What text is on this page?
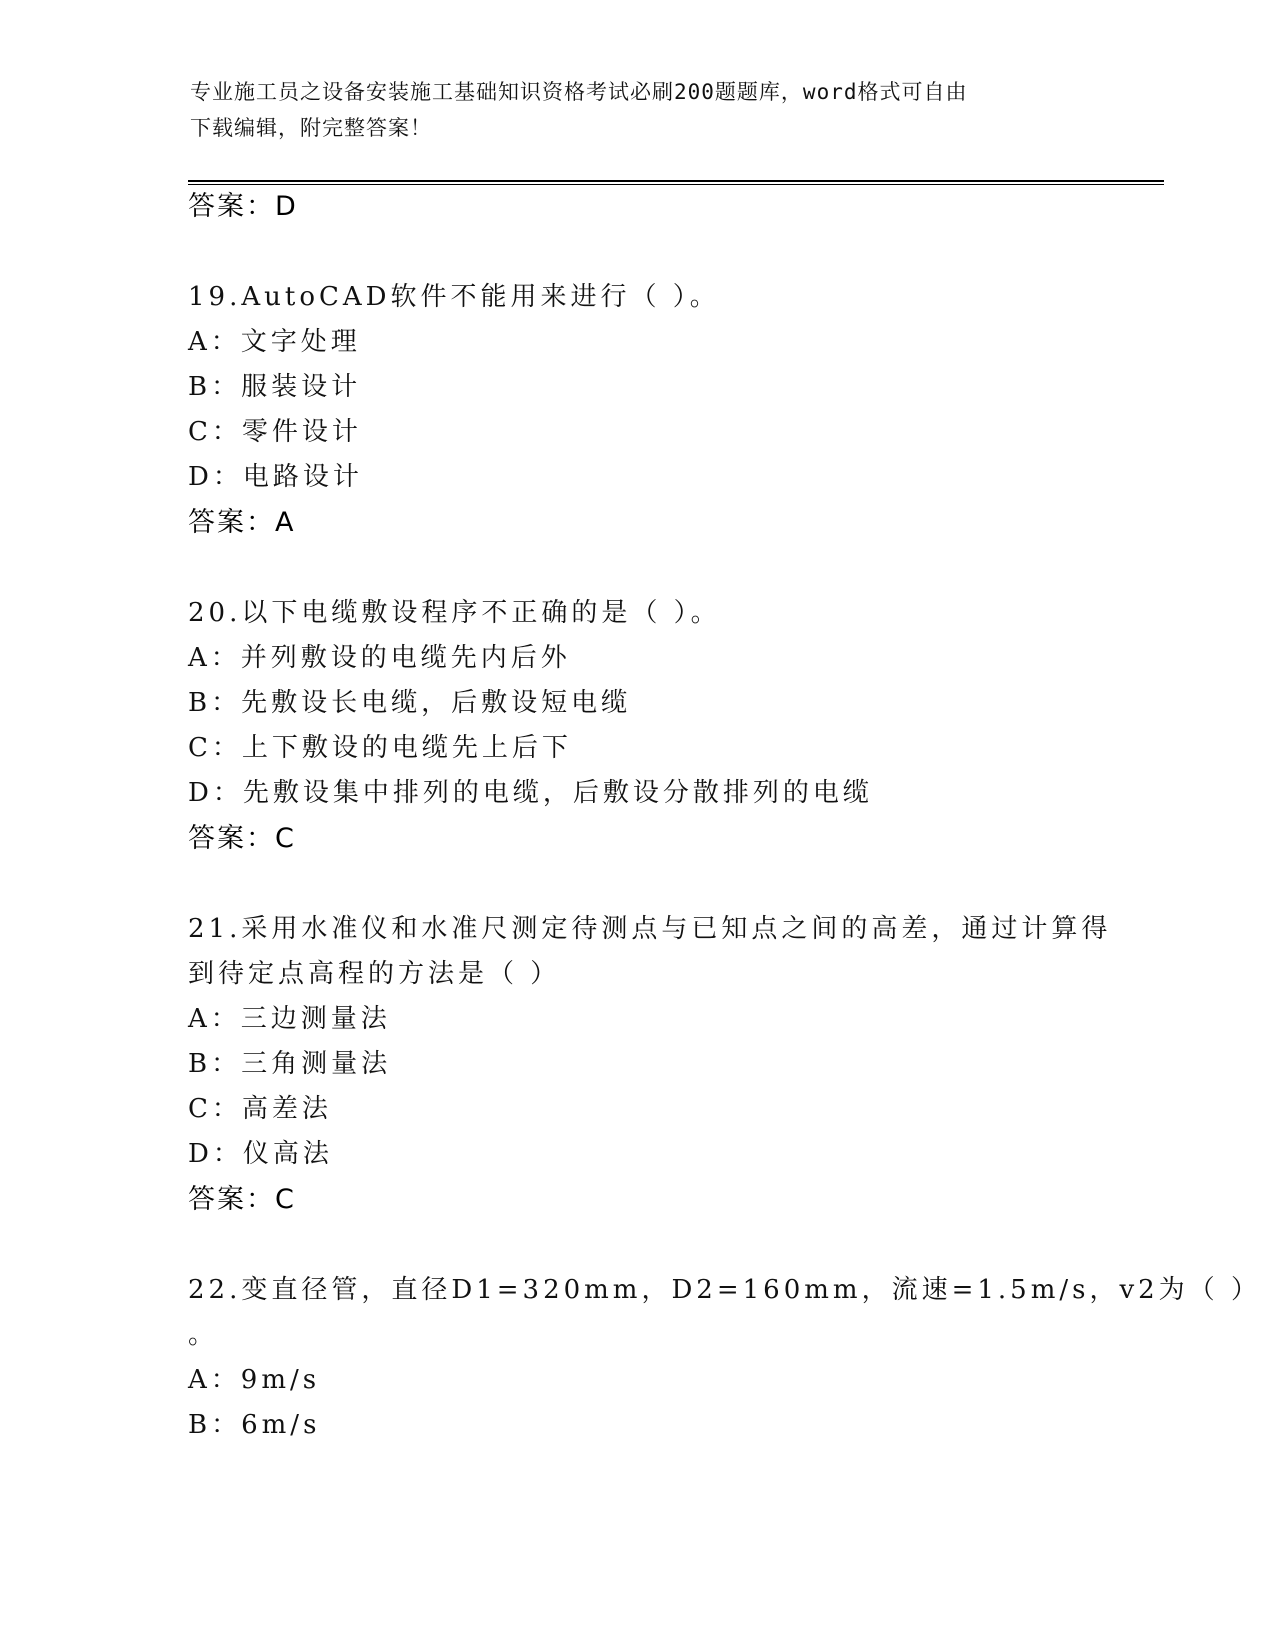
专业施工员之设备安装施工基础知识资格考试必刷200题题库，word格式可自由
下载编辑，附完整答案！
答案：D
19.AutoCAD软件不能用来进行（ ）。
A：文字处理
B：服装设计
C：零件设计
D：电路设计
答案：A
20.以下电缆敷设程序不正确的是（ ）。
A：并列敷设的电缆先内后外
B：先敷设长电缆，后敷设短电缆
C：上下敷设的电缆先上后下
D：先敷设集中排列的电缆，后敷设分散排列的电缆
答案：C
21.采用水准仪和水准尺测定待测点与已知点之间的高差，通过计算得
到待定点高程的方法是（ ）
A：三边测量法
B：三角测量法
C：高差法
D：仪高法
答案：C
22.变直径管，直径D1=320mm，D2=160mm，流速=1.5m/s，v2为（ ）
。
A：9m/s
B：6m/s
